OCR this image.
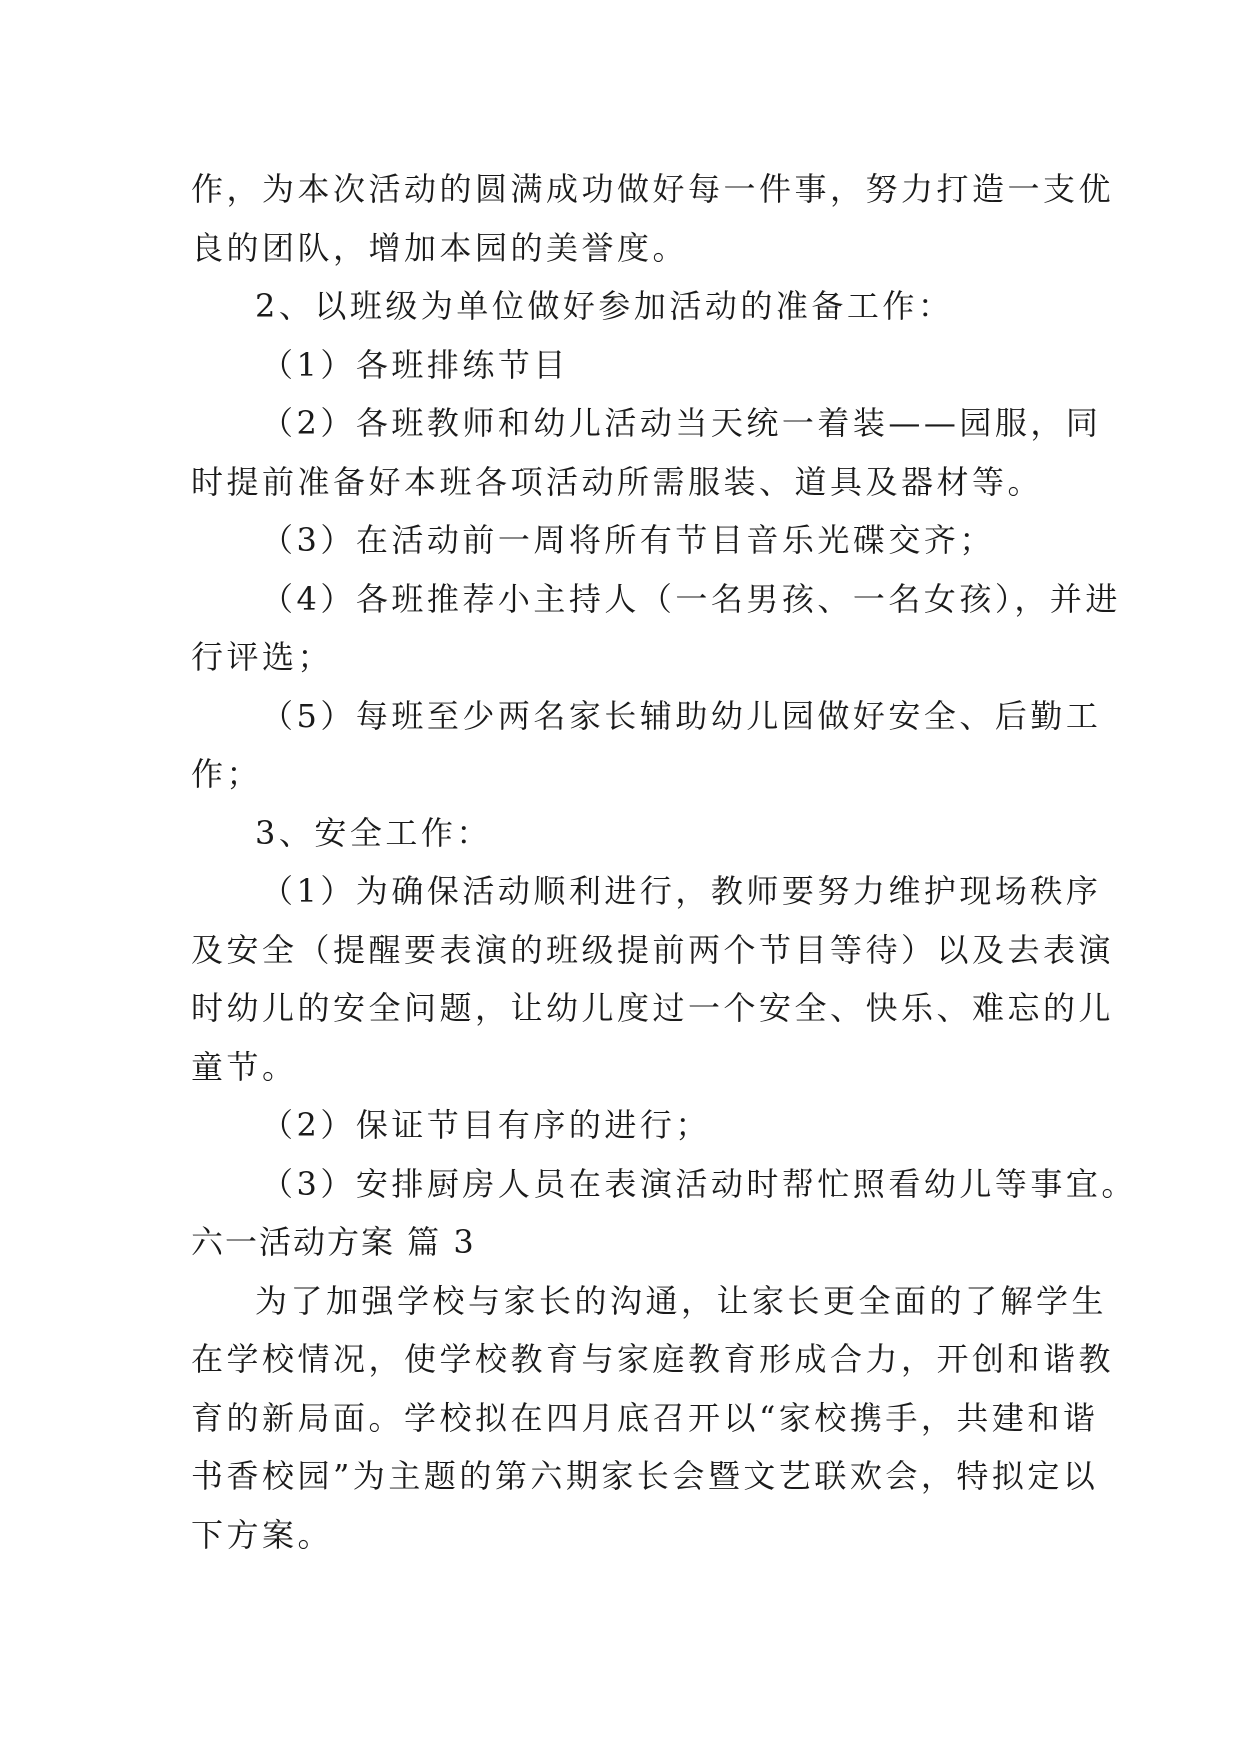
作，为本次活动的圆满成功做好每一件事，努力打造一支优
良的团队，增加本园的美誉度。
2、以班级为单位做好参加活动的准备工作：
（1）各班排练节目
（2）各班教师和幼儿活动当天统一着装——园服，同
时提前准备好本班各项活动所需服装、道具及器材等。
（3）在活动前一周将所有节目音乐光碟交齐；
（4）各班推荐小主持人（一名男孩、一名女孩），并进
行评选；
（5）每班至少两名家长辅助幼儿园做好安全、后勤工
作；
3、安全工作：
（1）为确保活动顺利进行，教师要努力维护现场秩序
及安全（提醒要表演的班级提前两个节目等待）以及去表演
时幼儿的安全问题，让幼儿度过一个安全、快乐、难忘的儿
童节。
（2）保证节目有序的进行；
（3）安排厨房人员在表演活动时帮忙照看幼儿等事宜。
六一活动方案 篇 3
为了加强学校与家长的沟通，让家长更全面的了解学生
在学校情况，使学校教育与家庭教育形成合力，开创和谐教
育的新局面。学校拟在四月底召开以“家校携手，共建和谐
书香校园”为主题的第六期家长会暨文艺联欢会，特拟定以
下方案。
